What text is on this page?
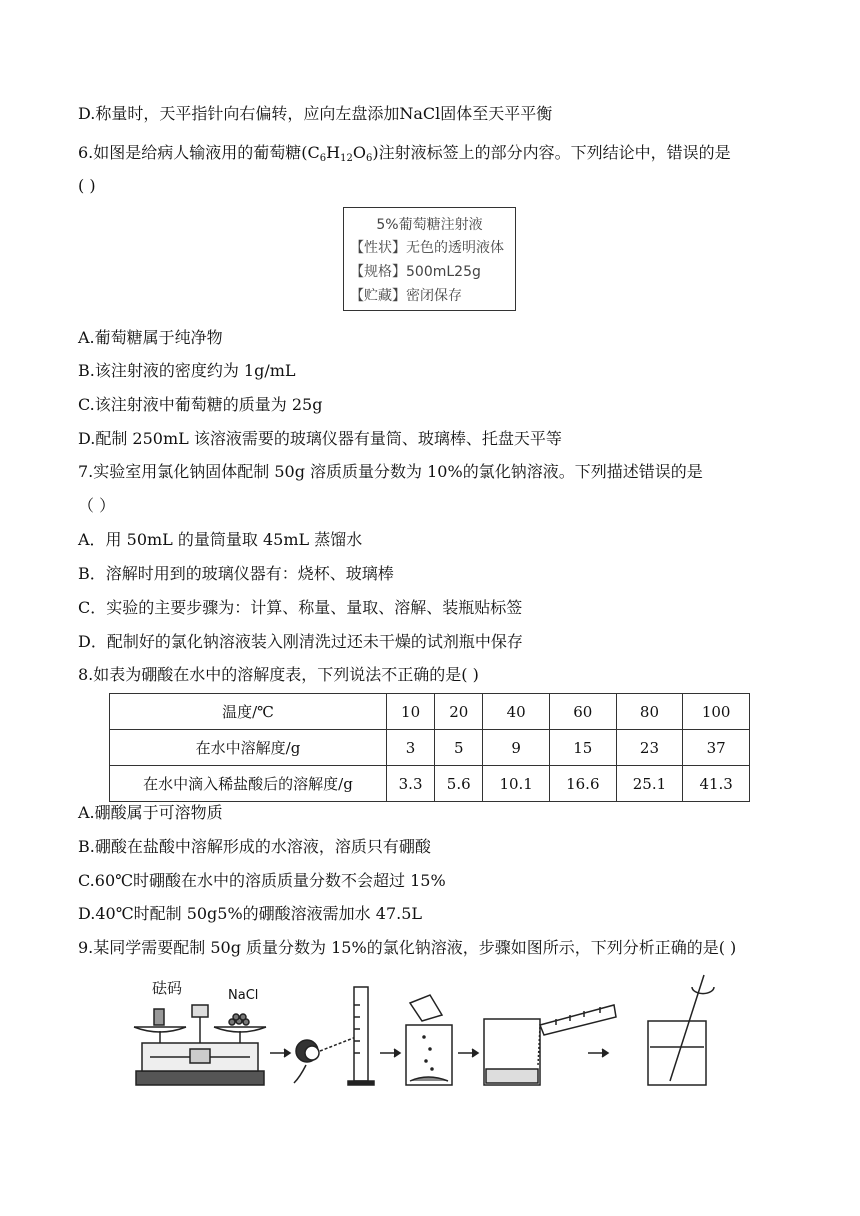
D.称量时，天平指针向右偏转，应向左盘添加NaCl固体至天平平衡
6.如图是给病人输液用的葡萄糖$(C_6H_{12}O_6)$注射液标签上的部分内容。下列结论中，错误的是
( )
5%葡萄糖注射液
【性状】无色的透明液体
【规格】500mL25g
【贮藏】密闭保存
A.葡萄糖属于纯净物
B.该注射液的密度约为 1g/mL
C.该注射液中葡萄糖的质量为 25g
D.配制 250mL 该溶液需要的玻璃仪器有量筒、玻璃棒、托盘天平等
7.实验室用氯化钠固体配制 50g 溶质质量分数为 10%的氯化钠溶液。下列描述错误的是
（ ）
A．用 50mL 的量筒量取 45mL 蒸馏水
B．溶解时用到的玻璃仪器有：烧杯、玻璃棒
C．实验的主要步骤为：计算、称量、量取、溶解、装瓶贴标签
D．配制好的氯化钠溶液装入刚清洗过还未干燥的试剂瓶中保存
8.如表为硼酸在水中的溶解度表，下列说法不正确的是( )
温度/℃	10	20	40	60	80	100
在水中溶解度/g	3	5	9	15	23	37
在水中滴入稀盐酸后的溶解度/g	3.3	5.6	10.1	16.6	25.1	41.3
A.硼酸属于可溶物质
B.硼酸在盐酸中溶解形成的水溶液，溶质只有硼酸
C.60℃时硼酸在水中的溶质质量分数不会超过 15%
D.40℃时配制 50g5%的硼酸溶液需加水 47.5L
9.某同学需要配制 50g 质量分数为 15%的氯化钠溶液，步骤如图所示，下列分析正确的是( )
砝码	NaCl
